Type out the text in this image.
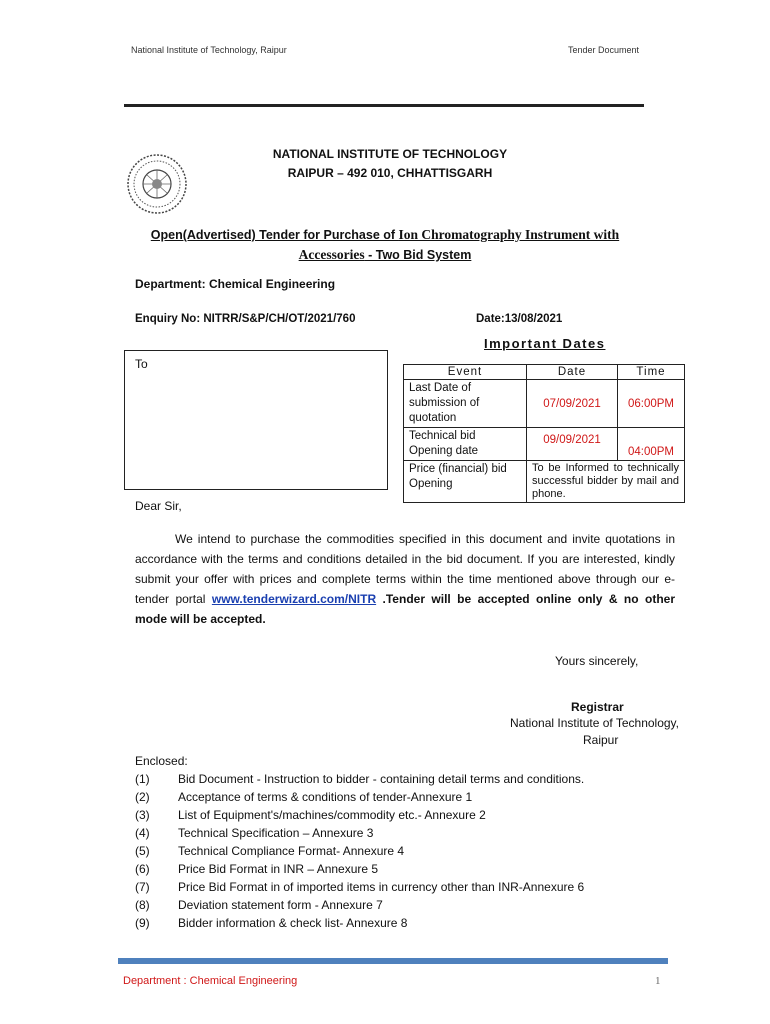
National Institute of Technology, Raipur	Tender Document
NATIONAL INSTITUTE OF TECHNOLOGY
RAIPUR – 492 010, CHHATTISGARH
Open(Advertised) Tender for Purchase of Ion Chromatography Instrument with
Accessories - Two Bid System
Department: Chemical Engineering
Enquiry No: NITRR/S&P/CH/OT/2021/760	Date:13/08/2021
Important Dates
To
Event	Date	Time
Last Date of submission of quotation	07/09/2021	06:00PM
Technical bid Opening date	09/09/2021	04:00PM
Price (financial) bid Opening	To be Informed to technically successful bidder by mail and phone.	
Dear Sir,
We intend to purchase the commodities specified in this document and invite quotations in accordance with the terms and conditions detailed in the bid document. If you are interested, kindly submit your offer with prices and complete terms within the time mentioned above through our e-tender portal www.tenderwizard.com/NITR .Tender will be accepted online only & no other mode will be accepted.
Yours sincerely,
Registrar
National Institute of Technology,
Raipur
Enclosed:
(1)	Bid Document - Instruction to bidder - containing detail terms and conditions.
(2)	Acceptance of terms & conditions of tender-Annexure 1
(3)	List of Equipment's/machines/commodity etc.- Annexure 2
(4)	Technical Specification – Annexure 3
(5)	Technical Compliance Format- Annexure 4
(6)	Price Bid Format in INR – Annexure 5
(7)	Price Bid Format in of imported items in currency other than INR-Annexure 6
(8)	Deviation statement form - Annexure 7
(9)	Bidder information & check list- Annexure 8
Department : Chemical Engineering	1
